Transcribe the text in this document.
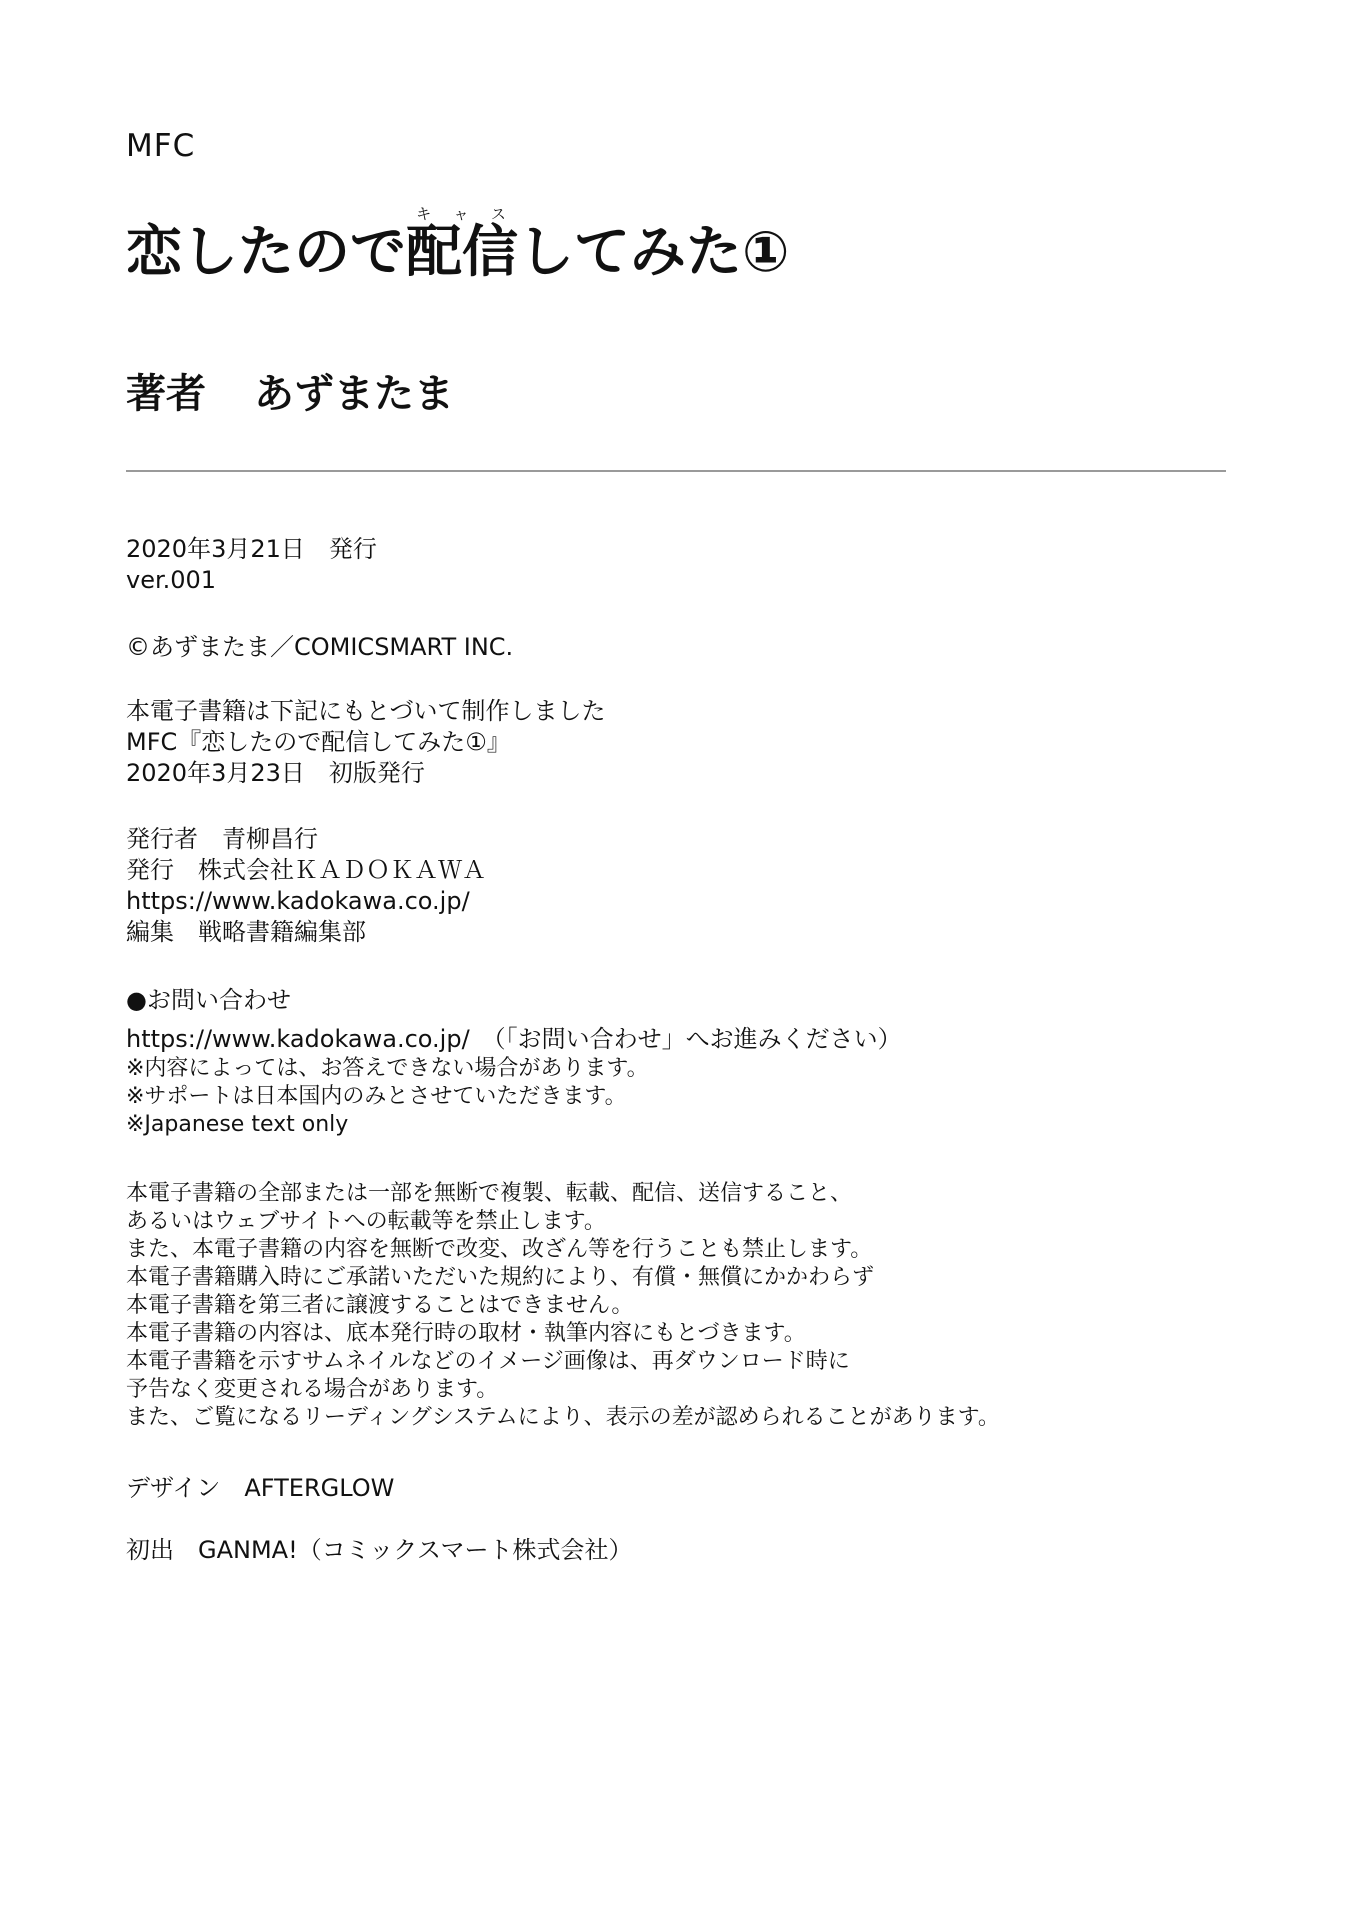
MFC
恋したので配信キャスしてみた①
著者 あずまたま
2020年3月21日　発行
ver.001
©あずまたま／COMICSMART INC.
本電子書籍は下記にもとづいて制作しました
MFC『恋したので配信してみた①』
2020年3月23日　初版発行
発行者　青柳昌行
発行　株式会社ＫＡＤＯＫＡＷＡ
https://www.kadokawa.co.jp/
編集　戦略書籍編集部
●お問い合わせ
https://www.kadokawa.co.jp/　（「お問い合わせ」へお進みください）
※内容によっては、お答えできない場合があります。
※サポートは日本国内のみとさせていただきます。
※Japanese text only
本電子書籍の全部または一部を無断で複製、転載、配信、送信すること、
あるいはウェブサイトへの転載等を禁止します。
また、本電子書籍の内容を無断で改変、改ざん等を行うことも禁止します。
本電子書籍購入時にご承諾いただいた規約により、有償・無償にかかわらず
本電子書籍を第三者に譲渡することはできません。
本電子書籍の内容は、底本発行時の取材・執筆内容にもとづきます。
本電子書籍を示すサムネイルなどのイメージ画像は、再ダウンロード時に
予告なく変更される場合があります。
また、ご覧になるリーディングシステムにより、表示の差が認められることがあります。
デザイン　AFTERGLOW
初出　GANMA!（コミックスマート株式会社）
